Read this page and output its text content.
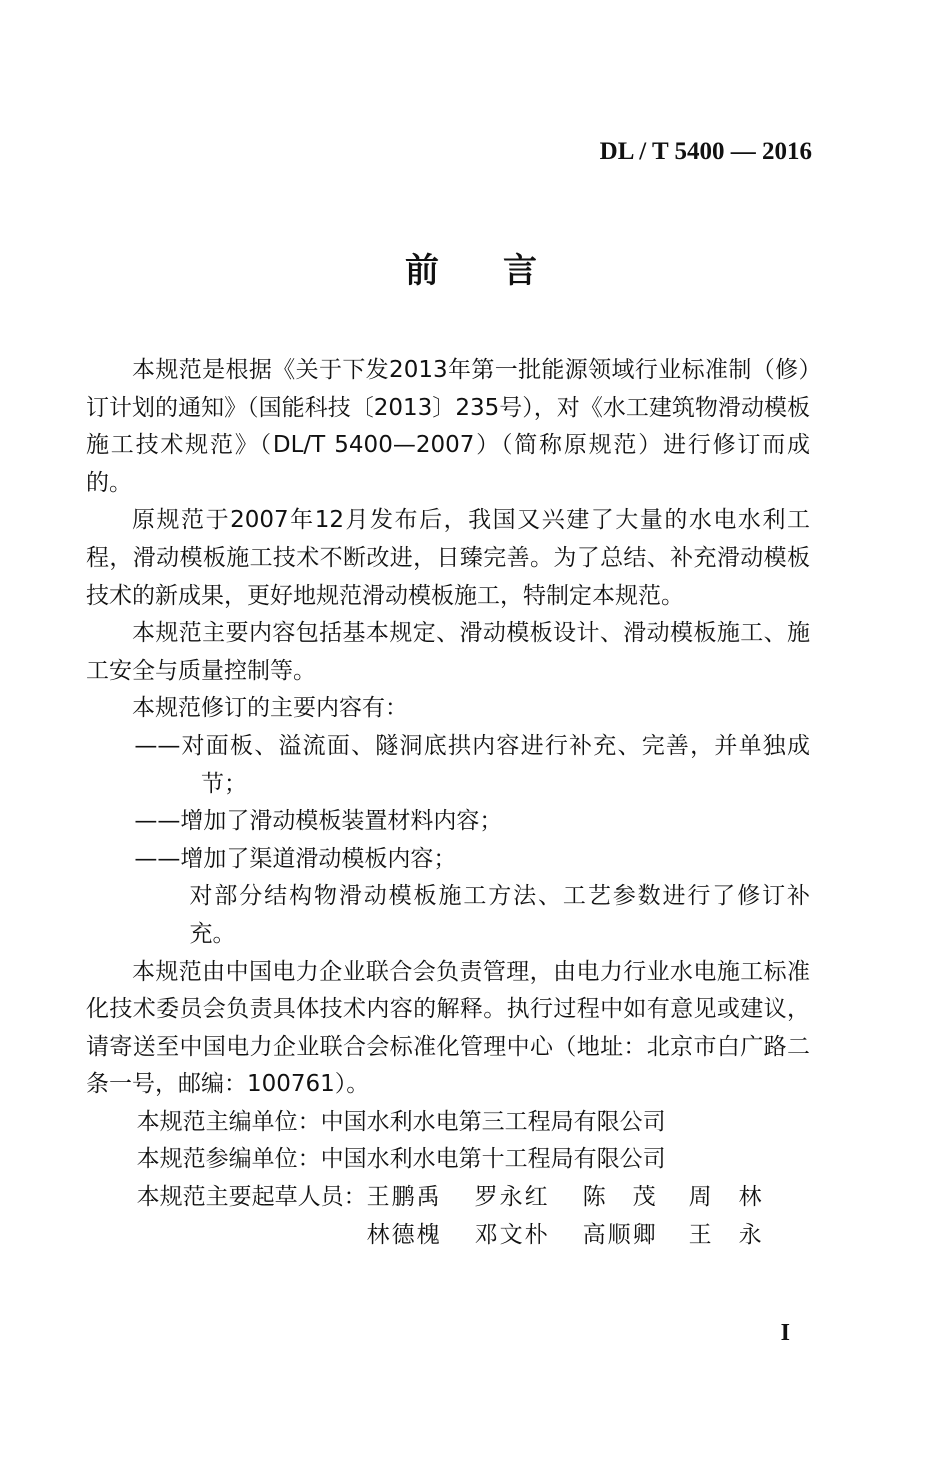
DL / T 5400 — 2016
前言

本规范是根据《关于下发2013年第一批能源领域行业标准制（修）订计划的通知》（国能科技〔2013〕235号），对《水工建筑物滑动模板施工技术规范》（DL/T 5400—2007）（简称原规范）进行修订而成的。

原规范于2007年12月发布后，我国又兴建了大量的水电水利工程，滑动模板施工技术不断改进，日臻完善。为了总结、补充滑动模板技术的新成果，更好地规范滑动模板施工，特制定本规范。

本规范主要内容包括基本规定、滑动模板设计、滑动模板施工、施工安全与质量控制等。

本规范修订的主要内容有：

——对面板、溢流面、隧洞底拱内容进行补充、完善，并单独成节；

——增加了滑动模板装置材料内容；

——增加了渠道滑动模板内容；

对部分结构物滑动模板施工方法、工艺参数进行了修订补充。

本规范由中国电力企业联合会负责管理，由电力行业水电施工标准化技术委员会负责具体技术内容的解释。执行过程中如有意见或建议，请寄送至中国电力企业联合会标准化管理中心（地址：北京市白广路二条一号，邮编：100761）。

本规范主编单位：中国水利水电第三工程局有限公司

本规范参编单位：中国水利水电第十工程局有限公司

本规范主要起草人员： 王鹏禹	罗永红	陈　茂	周　林
林德槐	邓文朴	高顺卿	王　永
I
